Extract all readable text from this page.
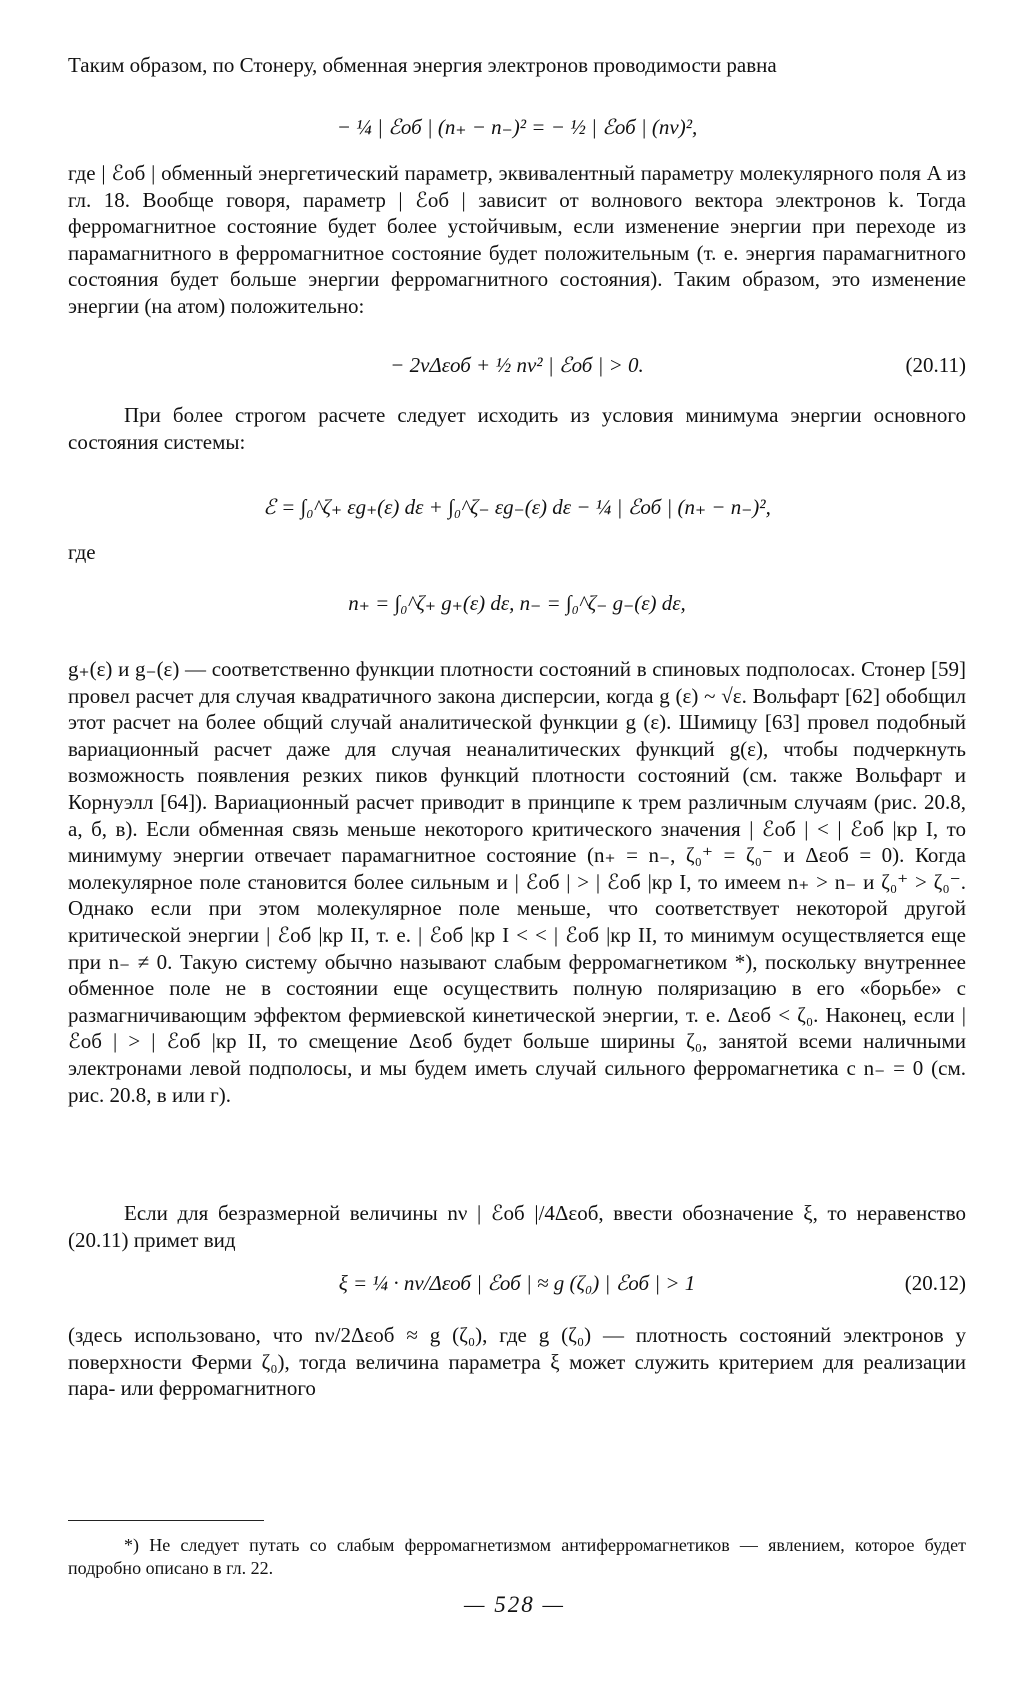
Таким образом, по Стонеру, обменная энергия электронов проводимости равна

− ¼ | ℰоб | (n₊ − n₋)² = − ½ | ℰоб | (nν)²,

где | ℰоб | обменный энергетический параметр, эквивалентный параметру молекулярного поля A из гл. 18. Вообще говоря, параметр | ℰоб | зависит от волнового вектора электронов k. Тогда ферромагнитное состояние будет более устойчивым, если изменение энергии при переходе из парамагнитного в ферромагнитное состояние будет положительным (т. е. энергия парамагнитного состояния будет больше энергии ферромагнитного состояния). Таким образом, это изменение энергии (на атом) положительно:

− 2νΔεоб + ½ nν² | ℰоб | > 0.	(20.11)

При более строгом расчете следует исходить из условия минимума энергии основного состояния системы:

ℰ = ∫₀^ζ₊ εg₊(ε) dε + ∫₀^ζ₋ εg₋(ε) dε − ¼ | ℰоб | (n₊ − n₋)²,
где
n₊ = ∫₀^ζ₊ g₊(ε) dε, n₋ = ∫₀^ζ₋ g₋(ε) dε,

g₊(ε) и g₋(ε) — соответственно функции плотности состояний в спиновых подполосах. Стонер [59] провел расчет для случая квадратичного закона дисперсии, когда g (ε) ~ √ε. Вольфарт [62] обобщил этот расчет на более общий случай аналитической функции g (ε). Шимицу [63] провел подобный вариационный расчет даже для случая неаналитических функций g(ε), чтобы подчеркнуть возможность появления резких пиков функций плотности состояний (см. также Вольфарт и Корнуэлл [64]). Вариационный расчет приводит в принципе к трем различным случаям (рис. 20.8, а, б, в). Если обменная связь меньше некоторого критического значения | ℰоб | < | ℰоб |кр I, то минимуму энергии отвечает парамагнитное состояние (n₊ = n₋, ζ₀⁺ = ζ₀⁻ и Δεоб = 0). Когда молекулярное поле становится более сильным и | ℰоб | > | ℰоб |кр I, то имеем n₊ > n₋ и ζ₀⁺ > ζ₀⁻. Однако если при этом молекулярное поле меньше, что соответствует некоторой другой критической энергии | ℰоб |кр II, т. е. | ℰоб |кр I < < | ℰоб |кр II, то минимум осуществляется еще при n₋ ≠ 0. Такую систему обычно называют слабым ферромагнетиком *), поскольку внутреннее обменное поле не в состоянии еще осуществить полную поляризацию в его «борьбе» с размагничивающим эффектом фермиевской кинетической энергии, т. е. Δεоб < ζ₀. Наконец, если | ℰоб | > | ℰоб |кр II, то смещение Δεоб будет больше ширины ζ₀, занятой всеми наличными электронами левой подполосы, и мы будем иметь случай сильного ферромагнетика с n₋ = 0 (см. рис. 20.8, в или г).

Если для безразмерной величины nν | ℰоб |/4Δεоб, ввести обозначение ξ, то неравенство (20.11) примет вид

ξ = ¼ · nν/Δεоб | ℰоб | ≈ g (ζ₀) | ℰоб | > 1	(20.12)

(здесь использовано, что nν/2Δεоб ≈ g (ζ₀), где g (ζ₀) — плотность состояний электронов у поверхности Ферми ζ₀), тогда величина параметра ξ может служить критерием для реализации пара- или ферромагнитного

*) Не следует путать со слабым ферромагнетизмом антиферромагнетиков — явлением, которое будет подробно описано в гл. 22.

— 528 —
